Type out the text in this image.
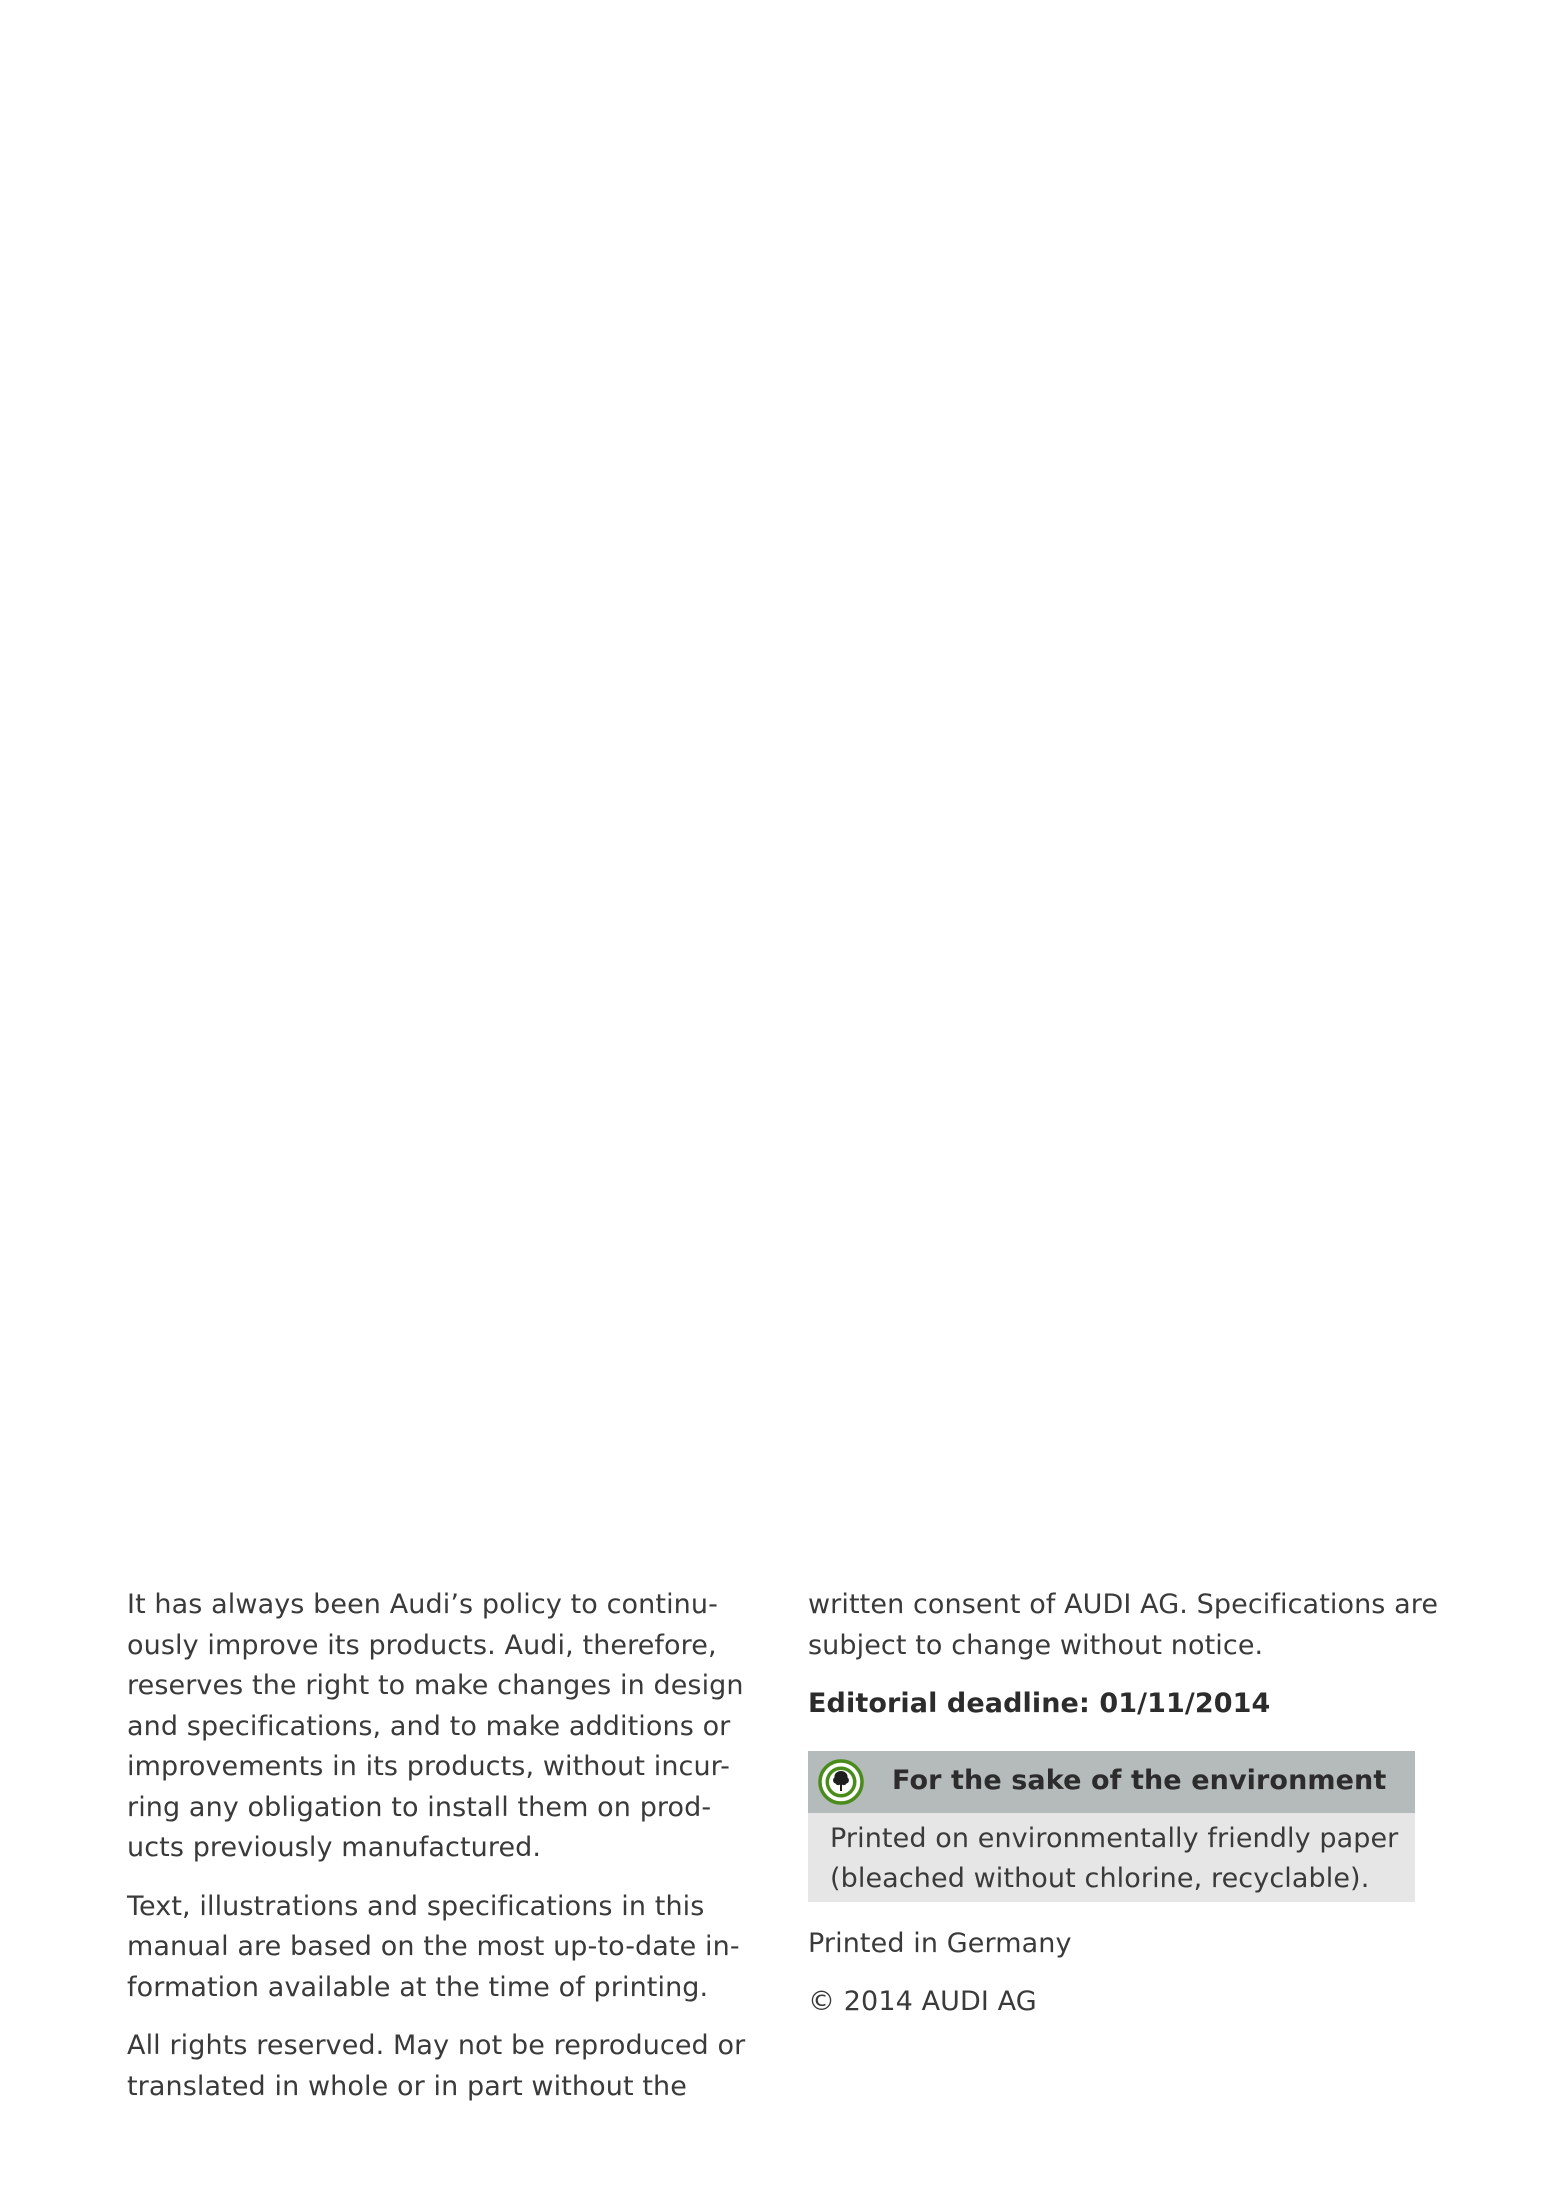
It has always been Audi’s policy to continu-
ously improve its products. Audi, therefore,
reserves the right to make changes in design
and specifications, and to make additions or
improvements in its products, without incur-
ring any obligation to install them on prod-
ucts previously manufactured.

Text, illustrations and specifications in this
manual are based on the most up-to-date in-
formation available at the time of printing.

All rights reserved. May not be reproduced or
translated in whole or in part without the

written consent of AUDI AG. Specifications are
subject to change without notice.

Editorial deadline: 01/11/2014

For the sake of the environment
Printed on environmentally friendly paper
(bleached without chlorine, recyclable).

Printed in Germany

© 2014 AUDI AG
